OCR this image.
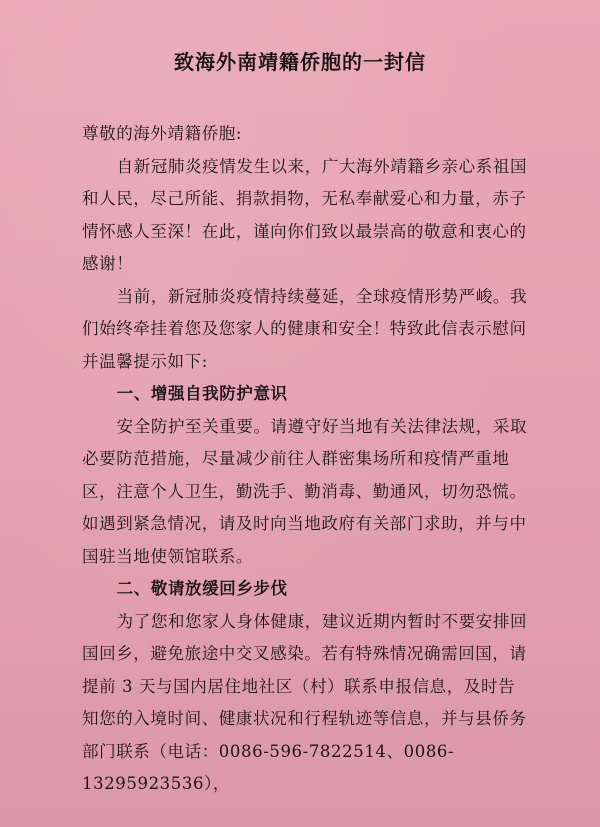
致海外南靖籍侨胞的一封信

尊敬的海外靖籍侨胞:

自新冠肺炎疫情发生以来，广大海外靖籍乡亲心系祖国和人民，尽己所能、捐款捐物，无私奉献爱心和力量，赤子情怀感人至深！在此，谨向你们致以最崇高的敬意和衷心的感谢！

当前，新冠肺炎疫情持续蔓延，全球疫情形势严峻。我们始终牵挂着您及您家人的健康和安全！特致此信表示慰问并温馨提示如下:

一、增强自我防护意识

安全防护至关重要。请遵守好当地有关法律法规，采取必要防范措施，尽量减少前往人群密集场所和疫情严重地区，注意个人卫生，勤洗手、勤消毒、勤通风，切勿恐慌。如遇到紧急情况，请及时向当地政府有关部门求助，并与中国驻当地使领馆联系。

二、敬请放缓回乡步伐

为了您和您家人身体健康，建议近期内暂时不要安排回国回乡，避免旅途中交叉感染。若有特殊情况确需回国，请提前 3 天与国内居住地社区（村）联系申报信息，及时告知您的入境时间、健康状况和行程轨迹等信息，并与县侨务部门联系（电话：0086-596-7822514、0086-13295923536），
